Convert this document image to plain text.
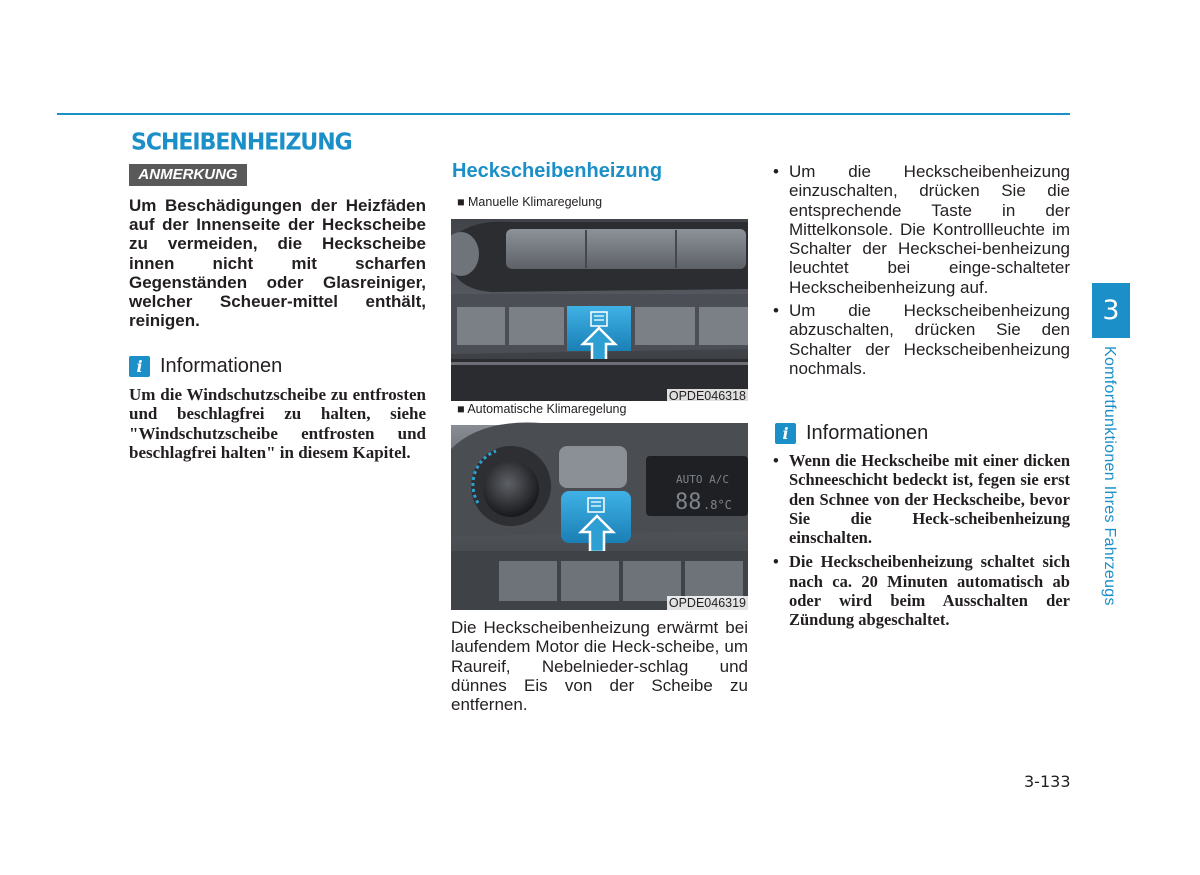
SCHEIBENHEIZUNG
ANMERKUNG
Um Beschädigungen der Heizfäden auf der Innenseite der Heckscheibe zu vermeiden, die Heckscheibe innen nicht mit scharfen Gegenständen oder Glasreiniger, welcher Scheuer-mittel enthält, reinigen.
i Informationen
Um die Windschutzscheibe zu entfrosten und beschlagfrei zu halten, siehe "Windschutzscheibe entfrosten und beschlagfrei halten" in diesem Kapitel.
Heckscheibenheizung
■ Manuelle Klimaregelung
OPDE046318
AUTO A/C
88 .8°C
■ Automatische Klimaregelung
OPDE046319

Die Heckscheibenheizung erwärmt bei laufendem Motor die Heck-scheibe, um Raureif, Nebelnieder-schlag und dünnes Eis von der Scheibe zu entfernen.

• Um die Heckscheibenheizung einzuschalten, drücken Sie die entsprechende Taste in der Mittelkonsole. Die Kontrollleuchte im Schalter der Heckschei-benheizung leuchtet bei einge-schalteter Heckscheibenheizung auf.
• Um die Heckscheibenheizung abzuschalten, drücken Sie den Schalter der Heckscheibenheizung nochmals.
i Informationen
• Wenn die Heckscheibe mit einer dicken Schneeschicht bedeckt ist, fegen sie erst den Schnee von der Heckscheibe, bevor Sie die Heck-scheibenheizung einschalten.
• Die Heckscheibenheizung schaltet sich nach ca. 20 Minuten automatisch ab oder wird beim Ausschalten der Zündung abgeschaltet.
3
Komfortfunktionen Ihres Fahrzeugs
3-133
